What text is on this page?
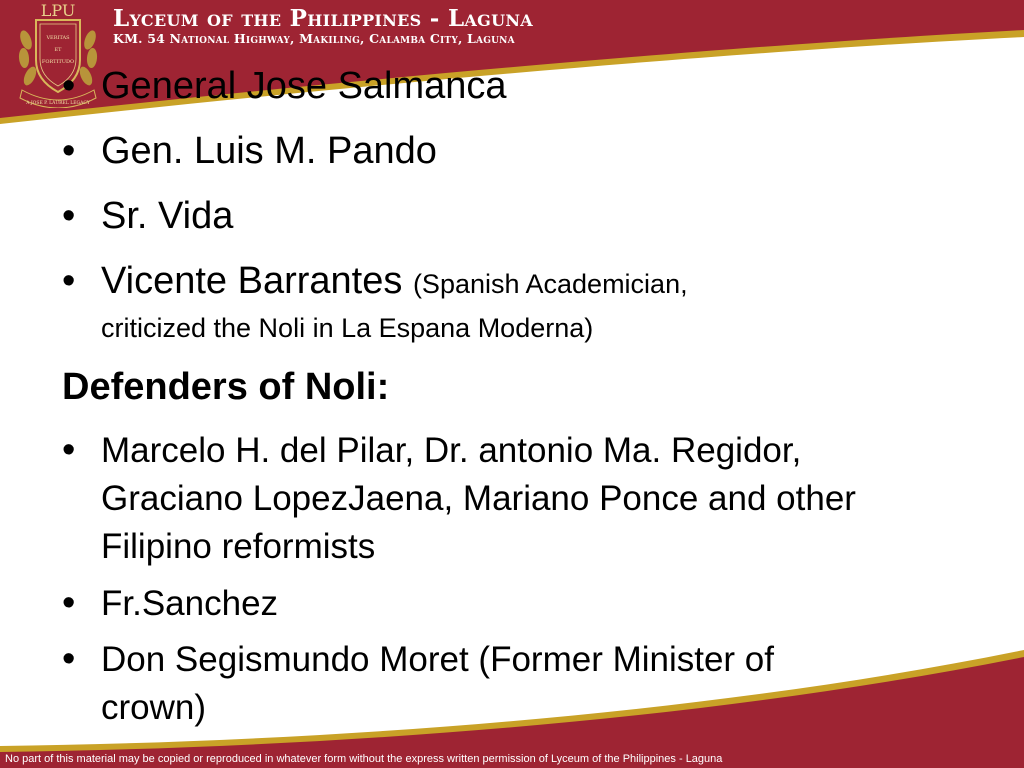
LPU
VERITAS
ET
FORTITUDO
A JOSE P. LAUREL LEGACY
Lyceum of the Philippines - Laguna
KM. 54 National Highway, Makiling, Calamba City, Laguna
• General Jose Salmanca
• Gen. Luis M. Pando
• Sr. Vida
• Vicente Barrantes (Spanish Academician,
criticized the Noli in La Espana Moderna)
Defenders of Noli:
• Marcelo H. del Pilar, Dr. antonio Ma. Regidor,
Graciano LopezJaena, Mariano Ponce and other
Filipino reformists
• Fr.Sanchez
• Don Segismundo Moret (Former Minister of
crown)
No part of this material may be copied or reproduced in whatever form without the express written permission of Lyceum of the Philippines - Laguna
